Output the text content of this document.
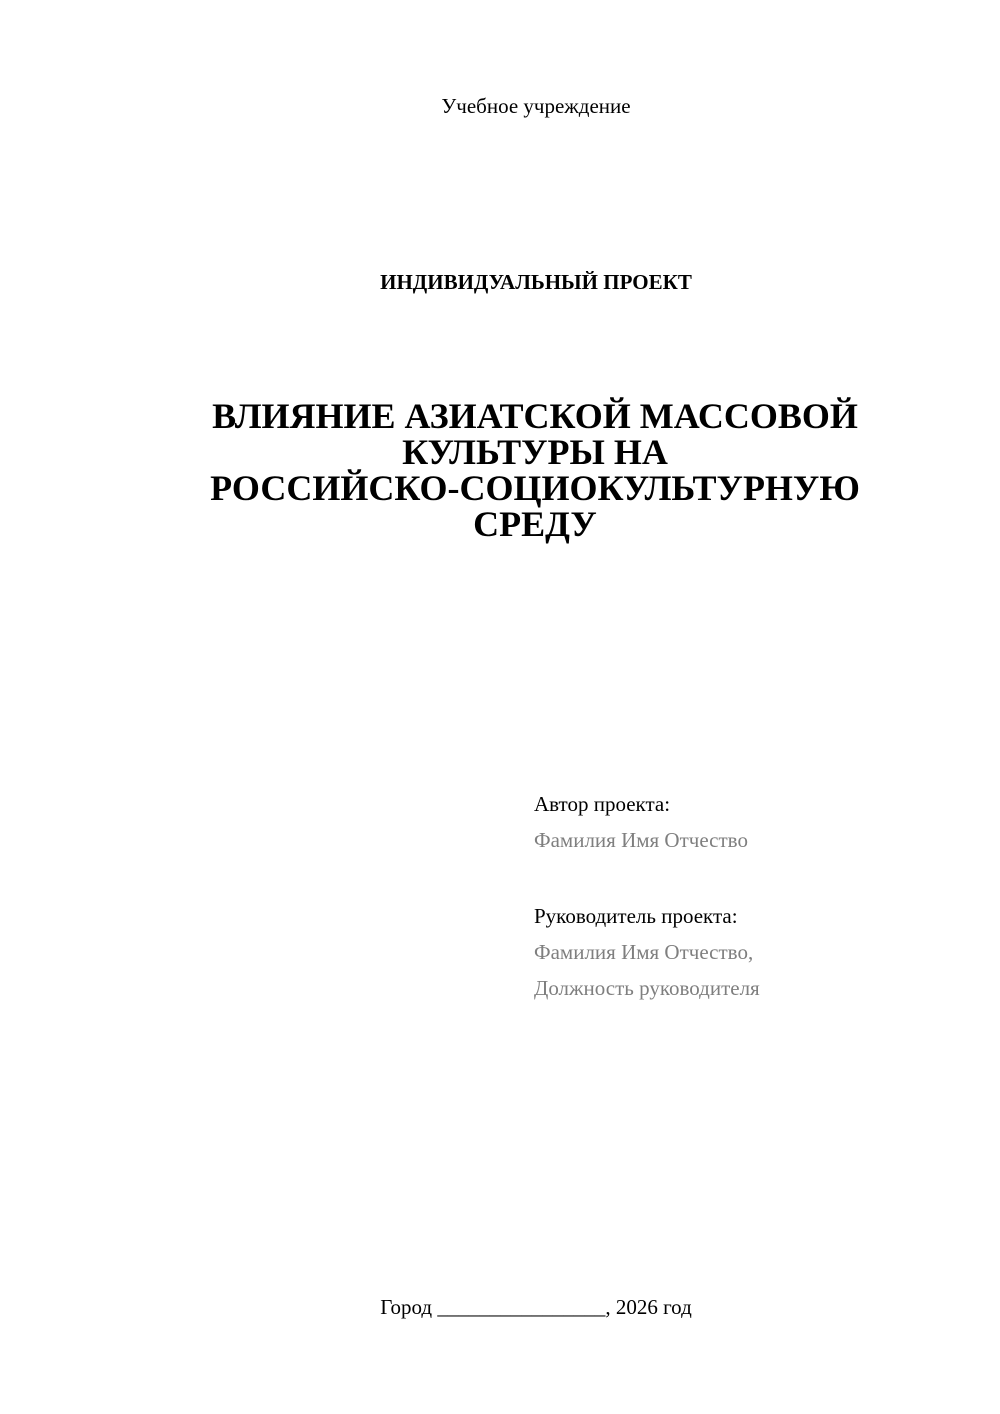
Учебное учреждение
ИНДИВИДУАЛЬНЫЙ ПРОЕКТ
ВЛИЯНИЕ АЗИАТСКОЙ МАССОВОЙ
КУЛЬТУРЫ НА
РОССИЙСКО-СОЦИОКУЛЬТУРНУЮ
СРЕДУ
Автор проекта:
Фамилия Имя Отчество
Руководитель проекта:
Фамилия Имя Отчество,
Должность руководителя
Город ________________, 2026 год
